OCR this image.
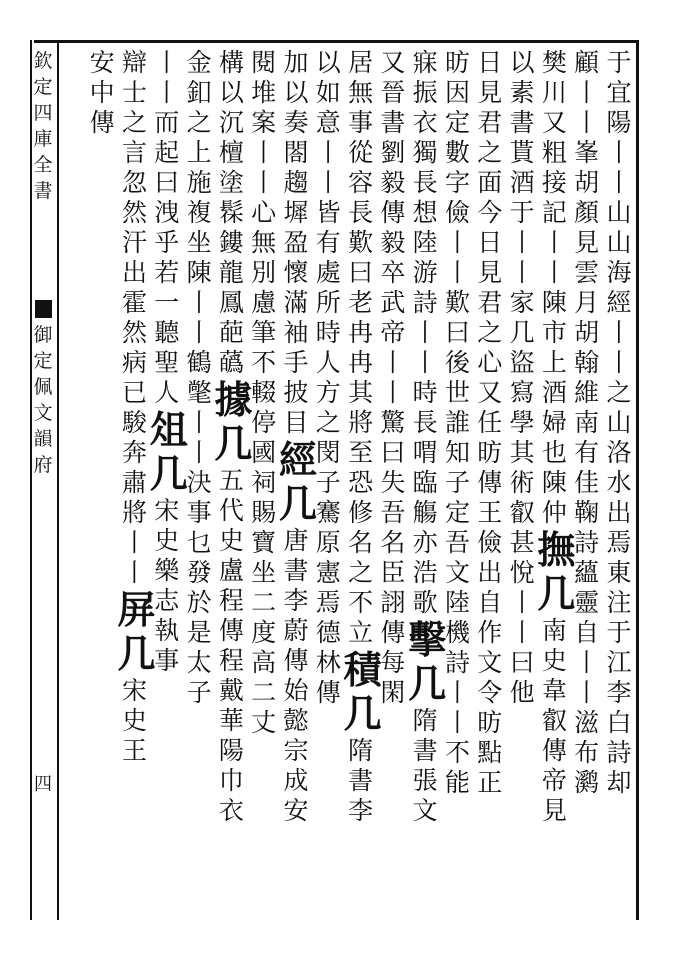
欽
定
四
庫
全
書
御
定
佩
文
韻
府
四
于
宜
陽
丨
丨
山
山
海
經
丨
丨
之
山
洛
水
出
焉
東
注
于
江
李
白
詩
却
顧
丨
丨
峯
胡
顏
見
雲
月
胡
翰
維
南
有
佳
鞠
詩
蘊
靈
自
丨
丨
滋
布
㶉
樊
川
又
粗
接
記
丨
丨
陳
市
上
酒
婦
也
陳
仲
撫
几
南
史
韋
叡
傳
帝
見
以
素
書
貰
酒
于
丨
丨
家
几
盜
寫
學
其
術
叡
甚
悅
丨
丨
曰
他
日
見
君
之
面
今
日
見
君
之
心
又
任
昉
傳
王
儉
出
自
作
文
令
昉
點
正
昉
因
定
數
字
儉
丨
丨
歎
曰
後
世
誰
知
子
定
吾
文
陸
機
詩
丨
丨
不
能
寐
振
衣
獨
長
想
陸
游
詩
丨
丨
時
長
喟
臨
觴
亦
浩
歌
擊
几
隋
書
張
文
又
晉
書
劉
毅
傳
毅
卒
武
帝
丨
丨
驚
曰
失
吾
名
臣
詡
傳
每
閑
居
無
事
從
容
長
歎
曰
老
冉
冉
其
將
至
恐
修
名
之
不
立
積
几
隋
書
李
以
如
意
丨
丨
皆
有
處
所
時
人
方
之
閔
子
騫
原
憲
焉
德
林
傳
加
以
奏
閤
趨
墀
盈
懷
滿
袖
手
披
目
經
几
唐
書
李
蔚
傳
始
懿
宗
成
安
閱
堆
案
丨
丨
心
無
別
慮
筆
不
輟
停
國
祠
賜
寶
坐
二
度
高
二
丈
構
以
沉
檀
塗
髹
鏤
龍
鳳
葩
蘤
據
几
五
代
史
盧
程
傳
程
戴
華
陽
巾
衣
金
釦
之
上
施
複
坐
陳
丨
丨
鶴
氅
丨
丨
決
事
乜
發
於
是
太
子
丨
丨
而
起
曰
洩
乎
若
一
聽
聖
人
俎
几
宋
史
樂
志
執
事
辯
士
之
言
忽
然
汗
出
霍
然
病
已
駿
奔
肅
將
丨
丨
屏
几
宋
史
王
安
中
傳
